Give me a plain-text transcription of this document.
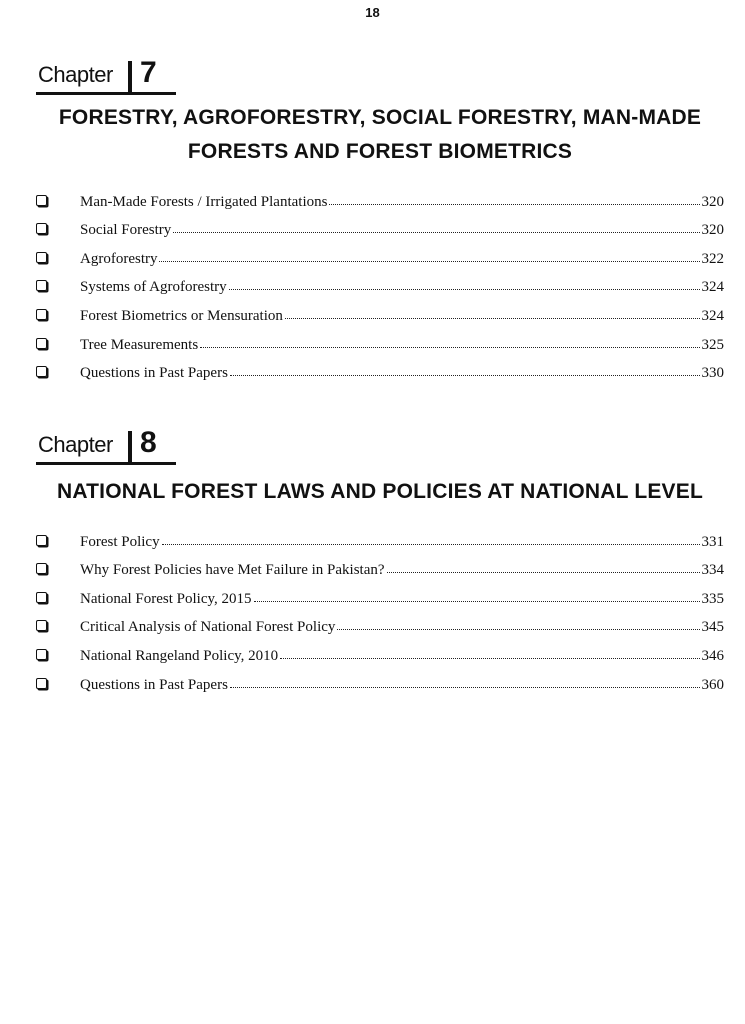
18
Chapter 7
FORESTRY, AGROFORESTRY, SOCIAL FORESTRY, MAN-MADE
FORESTS AND FOREST BIOMETRICS
Man-Made Forests / Irrigated Plantations	320
Social Forestry	320
Agroforestry	322
Systems of Agroforestry	324
Forest Biometrics or Mensuration	324
Tree Measurements	325
Questions in Past Papers	330
Chapter 8
NATIONAL FOREST LAWS AND POLICIES AT NATIONAL LEVEL
Forest Policy	331
Why Forest Policies have Met Failure in Pakistan?	334
National Forest Policy, 2015	335
Critical Analysis of National Forest Policy	345
National Rangeland Policy, 2010	346
Questions in Past Papers	360
